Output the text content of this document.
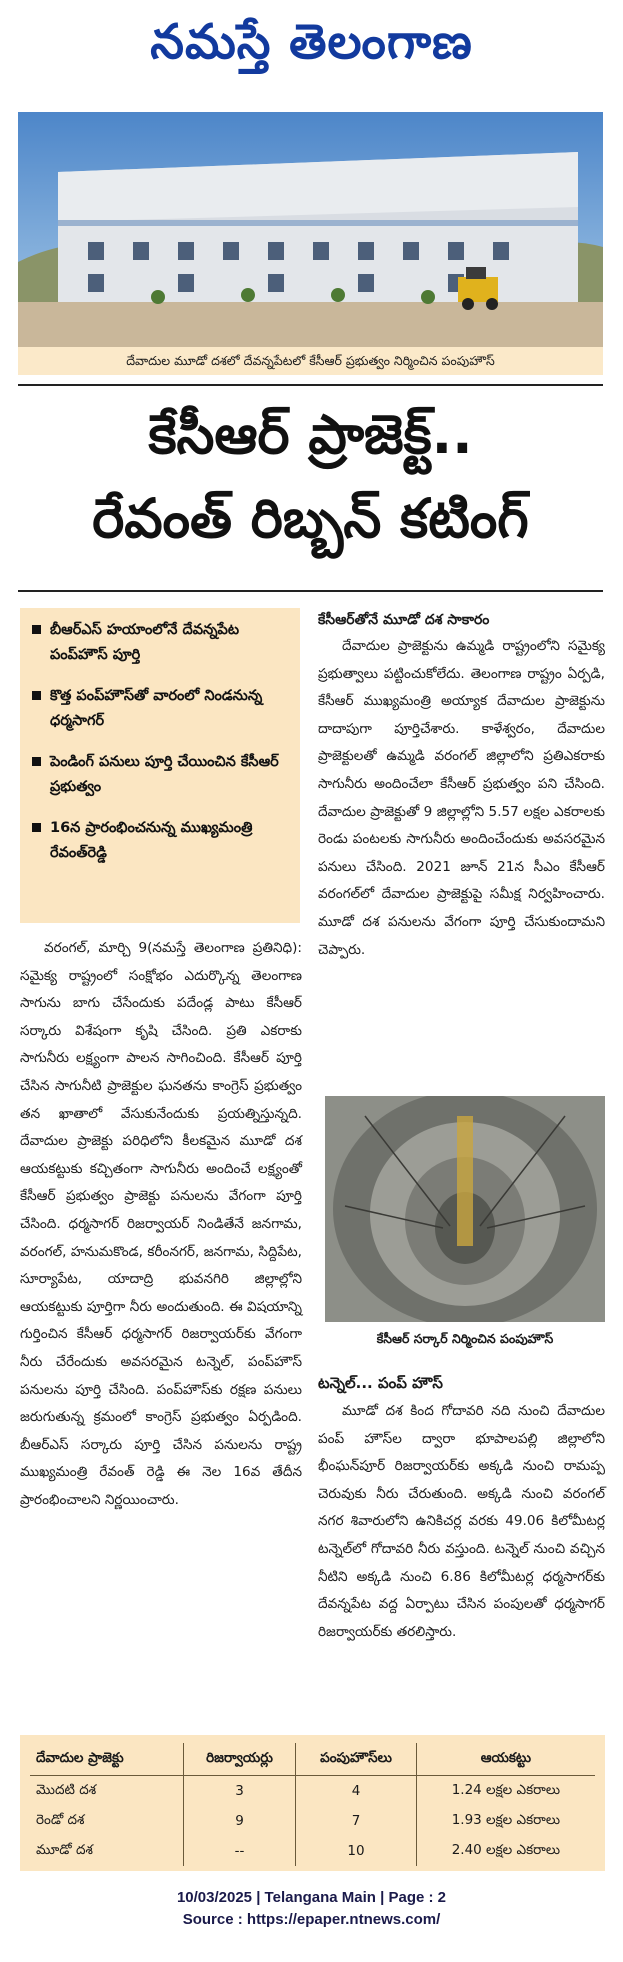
నమస్తే తెలంగాణ
దేవాదుల మూడో దశలో దేవన్నపేటలో కేసీఆర్ ప్రభుత్వం నిర్మించిన పంపుహౌస్
కేసీఆర్ ప్రాజెక్ట్..
రేవంత్ రిబ్బన్ కటింగ్
బీఆర్ఎస్ హయాంలోనే దేవన్నపేట పంప్‌హౌస్ పూర్తి
కొత్త పంప్‌హౌస్‌తో వారంలో నిండనున్న ధర్మసాగర్
పెండింగ్ పనులు పూర్తి చేయించిన కేసీఆర్ ప్రభుత్వం
16న ప్రారంభించనున్న ముఖ్యమంత్రి రేవంత్‌రెడ్డి

వరంగల్, మార్చి 9(నమస్తే తెలంగాణ ప్రతినిధి): సమైక్య రాష్ట్రంలో సంక్షోభం ఎదుర్కొన్న తెలంగాణ సాగును బాగు చేసేందుకు పదేండ్ల పాటు కేసీఆర్ సర్కారు విశేషంగా కృషి చేసింది. ప్రతి ఎకరాకు సాగునీరు లక్ష్యంగా పాలన సాగించింది. కేసీఆర్ పూర్తి చేసిన సాగునీటి ప్రాజెక్టుల ఘనతను కాంగ్రెస్ ప్రభుత్వం తన ఖాతాలో వేసుకునేందుకు ప్రయత్నిస్తున్నది. దేవాదుల ప్రాజెక్టు పరిధిలోని కీలకమైన మూడో దశ ఆయకట్టుకు కచ్చితంగా సాగునీరు అందించే లక్ష్యంతో కేసీఆర్ ప్రభుత్వం ప్రాజెక్టు పనులను వేగంగా పూర్తి చేసింది. ధర్మసాగర్ రిజర్వాయర్ నిండితేనే జనగామ, వరంగల్, హనుమకొండ, కరీంనగర్, జనగామ, సిద్దిపేట, సూర్యాపేట, యాదాద్రి భువనగిరి జిల్లాల్లోని ఆయకట్టుకు పూర్తిగా నీరు అందుతుంది. ఈ విషయాన్ని గుర్తించిన కేసీఆర్ ధర్మసాగర్ రిజర్వాయర్‌కు వేగంగా నీరు చేరేందుకు అవసరమైన టన్నెల్, పంప్‌హౌస్ పనులను పూర్తి చేసింది. పంప్‌హౌస్‌కు రక్షణ పనులు జరుగుతున్న క్రమంలో కాంగ్రెస్ ప్రభుత్వం ఏర్పడింది. బీఆర్ఎస్ సర్కారు పూర్తి చేసిన పనులను రాష్ట్ర ముఖ్యమంత్రి రేవంత్ రెడ్డి ఈ నెల 16వ తేదీన ప్రారంభించాలని నిర్ణయించారు.

కేసీఆర్‌తోనే మూడో దశ సాకారం

దేవాదుల ప్రాజెక్టును ఉమ్మడి రాష్ట్రంలోని సమైక్య ప్రభుత్వాలు పట్టించుకోలేదు. తెలంగాణ రాష్ట్రం ఏర్పడి, కేసీఆర్ ముఖ్యమంత్రి అయ్యాక దేవాదుల ప్రాజెక్టును దాదాపుగా పూర్తిచేశారు. కాళేశ్వరం, దేవాదుల ప్రాజెక్టులతో ఉమ్మడి వరంగల్ జిల్లాలోని ప్రతిఎకరాకు సాగునీరు అందించేలా కేసీఆర్ ప్రభుత్వం పని చేసింది. దేవాదుల ప్రాజెక్టుతో 9 జిల్లాల్లోని 5.57 లక్షల ఎకరాలకు రెండు పంటలకు సాగునీరు అందించేందుకు అవసరమైన పనులు చేసింది. 2021 జూన్ 21న సీఎం కేసీఆర్ వరంగల్‌లో దేవాదుల ప్రాజెక్టుపై సమీక్ష నిర్వహించారు. మూడో దశ పనులను వేగంగా పూర్తి చేసుకుందామని చెప్పారు.

కేసీఆర్ సర్కార్ నిర్మించిన పంపుహౌస్
టన్నెల్... పంప్ హౌస్

మూడో దశ కింద గోదావరి నది నుంచి దేవాదుల పంప్ హౌస్‌ల ద్వారా భూపాలపల్లి జిల్లాలోని భీంఘన్‌పూర్ రిజర్వాయర్‌కు అక్కడి నుంచి రామప్ప చెరువుకు నీరు చేరుతుంది. అక్కడి నుంచి వరంగల్ నగర శివారులోని ఉనికిచర్ల వరకు 49.06 కిలోమీటర్ల టన్నెల్‌లో గోదావరి నీరు వస్తుంది. టన్నెల్ నుంచి వచ్చిన నీటిని అక్కడి నుంచి 6.86 కిలోమీటర్ల ధర్మసాగర్‌కు దేవన్నపేట వద్ద ఏర్పాటు చేసిన పంపులతో ధర్మసాగర్ రిజర్వాయర్‌కు తరలిస్తారు.

దేవాదుల ప్రాజెక్టు	రిజర్వాయర్లు	పంపుహౌస్‌లు	ఆయకట్టు
మొదటి దశ	3	4	1.24 లక్షల ఎకరాలు
రెండో దశ	9	7	1.93 లక్షల ఎకరాలు
మూడో దశ	--	10	2.40 లక్షల ఎకరాలు
10/03/2025 | Telangana Main | Page : 2
Source : https://epaper.ntnews.com/
